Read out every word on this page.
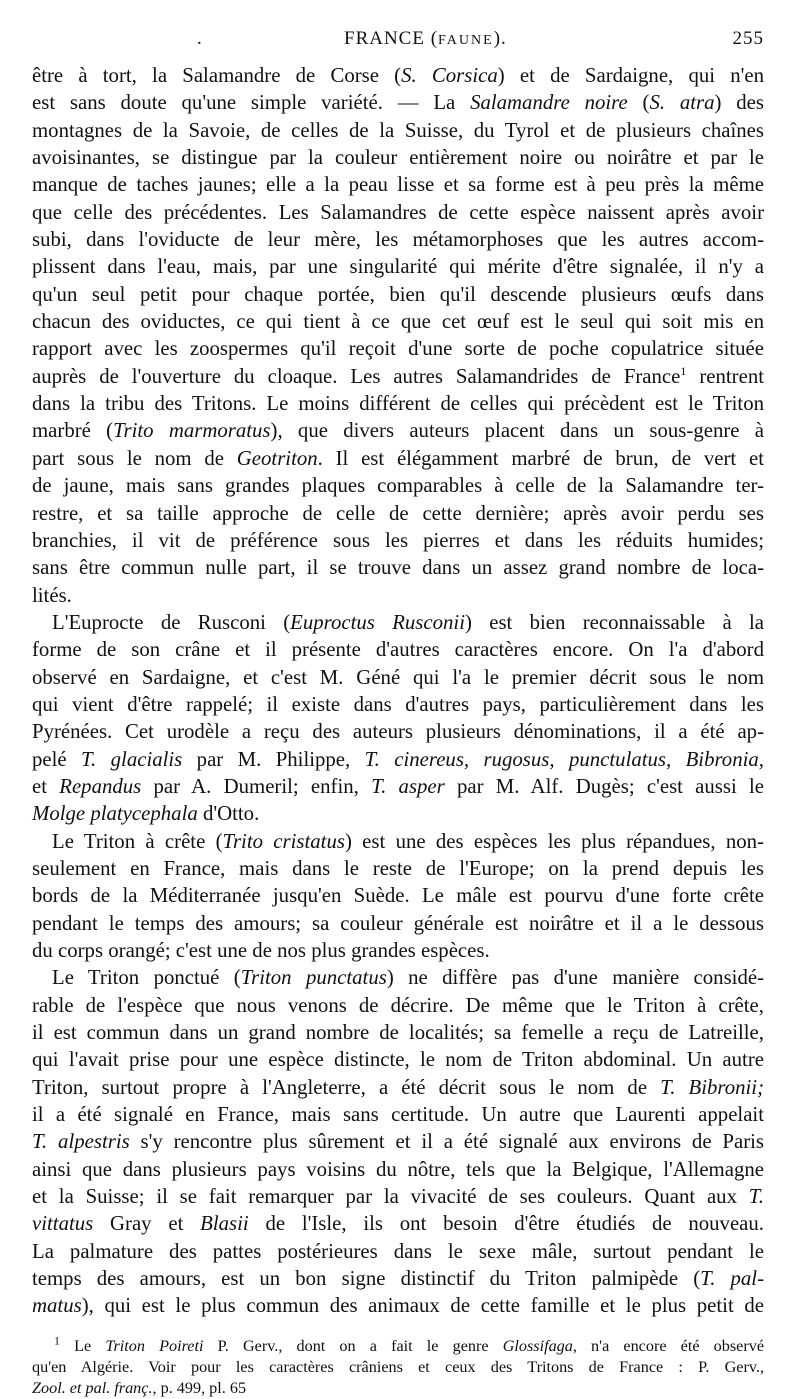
.	FRANCE (FAUNE).	255

être à tort, la Salamandre de Corse (S. Corsica) et de Sardaigne, qui n'en

est sans doute qu'une simple variété. — La Salamandre noire (S. atra) des

montagnes de la Savoie, de celles de la Suisse, du Tyrol et de plusieurs chaînes

avoisinantes, se distingue par la couleur entièrement noire ou noirâtre et par le

manque de taches jaunes; elle a la peau lisse et sa forme est à peu près la même

que celle des précédentes. Les Salamandres de cette espèce naissent après avoir

subi, dans l'oviducte de leur mère, les métamorphoses que les autres accom-

plissent dans l'eau, mais, par une singularité qui mérite d'être signalée, il n'y a

qu'un seul petit pour chaque portée, bien qu'il descende plusieurs œufs dans

chacun des oviductes, ce qui tient à ce que cet œuf est le seul qui soit mis en

rapport avec les zoospermes qu'il reçoit d'une sorte de poche copulatrice située

auprès de l'ouverture du cloaque. Les autres Salamandrides de France$^1$ rentrent

dans la tribu des Tritons. Le moins différent de celles qui précèdent est le Triton

marbré (Trito marmoratus), que divers auteurs placent dans un sous-genre à

part sous le nom de Geotriton. Il est élégamment marbré de brun, de vert et

de jaune, mais sans grandes plaques comparables à celle de la Salamandre ter-

restre, et sa taille approche de celle de cette dernière; après avoir perdu ses

branchies, il vit de préférence sous les pierres et dans les réduits humides;

sans être commun nulle part, il se trouve dans un assez grand nombre de loca-

lités.

L'Euprocte de Rusconi (Euproctus Rusconii) est bien reconnaissable à la

forme de son crâne et il présente d'autres caractères encore. On l'a d'abord

observé en Sardaigne, et c'est M. Géné qui l'a le premier décrit sous le nom

qui vient d'être rappelé; il existe dans d'autres pays, particulièrement dans les

Pyrénées. Cet urodèle a reçu des auteurs plusieurs dénominations, il a été ap-

pelé T. glacialis par M. Philippe, T. cinereus, rugosus, punctulatus, Bibronia,

et Repandus par A. Dumeril; enfin, T. asper par M. Alf. Dugès; c'est aussi le

Molge platycephala d'Otto.

Le Triton à crête (Trito cristatus) est une des espèces les plus répandues, non-

seulement en France, mais dans le reste de l'Europe; on la prend depuis les

bords de la Méditerranée jusqu'en Suède. Le mâle est pourvu d'une forte crête

pendant le temps des amours; sa couleur générale est noirâtre et il a le dessous

du corps orangé; c'est une de nos plus grandes espèces.

Le Triton ponctué (Triton punctatus) ne diffère pas d'une manière considé-

rable de l'espèce que nous venons de décrire. De même que le Triton à crête,

il est commun dans un grand nombre de localités; sa femelle a reçu de Latreille,

qui l'avait prise pour une espèce distincte, le nom de Triton abdominal. Un autre

Triton, surtout propre à l'Angleterre, a été décrit sous le nom de T. Bibronii;

il a été signalé en France, mais sans certitude. Un autre que Laurenti appelait

T. alpestris s'y rencontre plus sûrement et il a été signalé aux environs de Paris

ainsi que dans plusieurs pays voisins du nôtre, tels que la Belgique, l'Allemagne

et la Suisse; il se fait remarquer par la vivacité de ses couleurs. Quant aux T.

vittatus Gray et Blasii de l'Isle, ils ont besoin d'être étudiés de nouveau.

La palmature des pattes postérieures dans le sexe mâle, surtout pendant le

temps des amours, est un bon signe distinctif du Triton palmipède (T. pal-

matus), qui est le plus commun des animaux de cette famille et le plus petit de

$^1$ Le Triton Poireti P. Gerv., dont on a fait le genre Glossifaga, n'a encore été observé

qu'en Algérie. Voir pour les caractères crâniens et ceux des Tritons de France : P. Gerv.,

Zool. et pal. franç., p. 499, pl. 65
